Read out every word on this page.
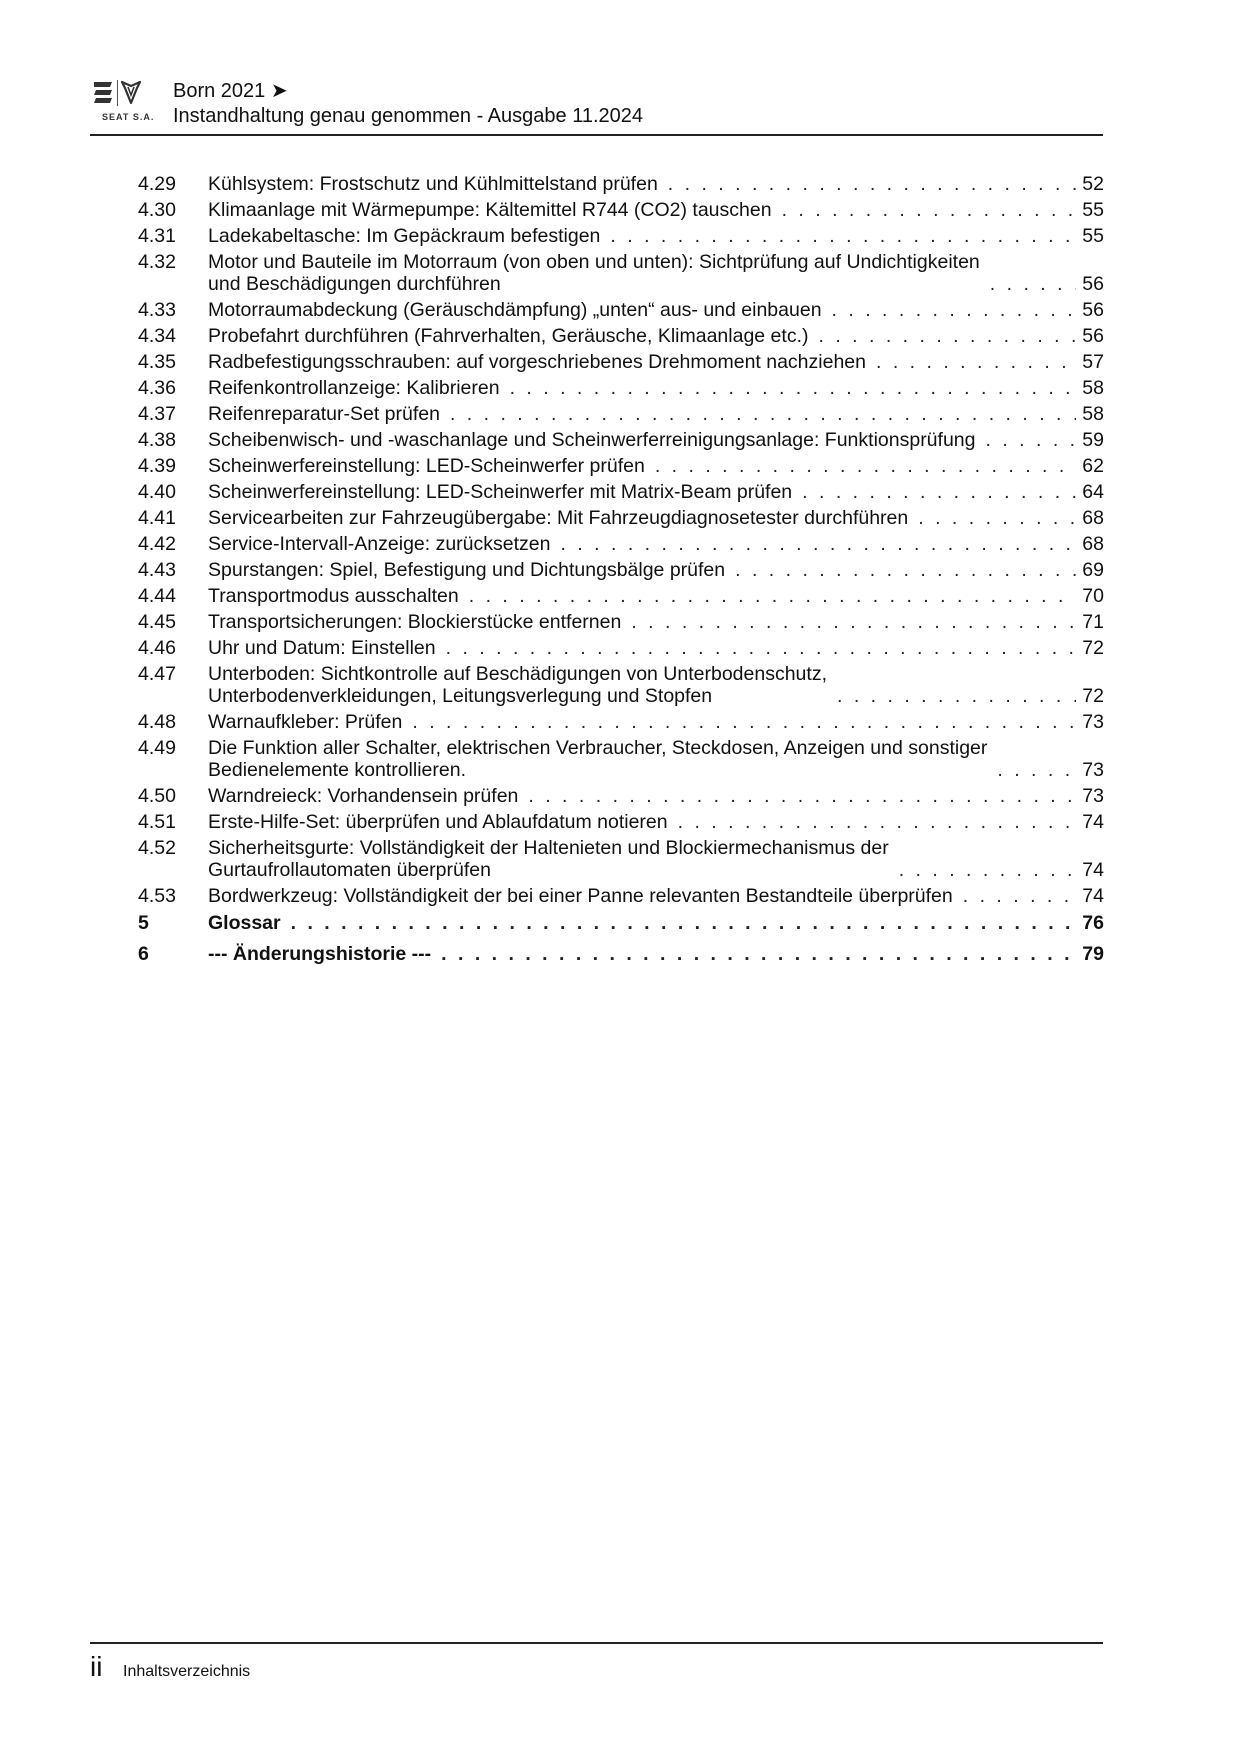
SEAT S.A.
Born 2021 ➤
Instandhaltung genau genommen - Ausgabe 11.2024
4.29	Kühlsystem: Frostschutz und Kühlmittelstand prüfen . . .	52
4.30	Klimaanlage mit Wärmepumpe: Kältemittel R744 (CO2) tauschen . . .	55
4.31	Ladekabeltasche: Im Gepäckraum befestigen . . .	55
4.32	Motor und Bauteile im Motorraum (von oben und unten): Sichtprüfung auf Undichtigkeiten
und Beschädigungen durchführen . . .	56
4.33	Motorraumabdeckung (Geräuschdämpfung) „unten“ aus- und einbauen . . .	56
4.34	Probefahrt durchführen (Fahrverhalten, Geräusche, Klimaanlage etc.) . . .	56
4.35	Radbefestigungsschrauben: auf vorgeschriebenes Drehmoment nachziehen . . .	57
4.36	Reifenkontrollanzeige: Kalibrieren . . .	58
4.37	Reifenreparatur-Set prüfen . . .	58
4.38	Scheibenwisch- und -waschanlage und Scheinwerferreinigungsanlage: Funktionsprüfung . . .	59
4.39	Scheinwerfereinstellung: LED-Scheinwerfer prüfen . . .	62
4.40	Scheinwerfereinstellung: LED-Scheinwerfer mit Matrix-Beam prüfen . . .	64
4.41	Servicearbeiten zur Fahrzeugübergabe: Mit Fahrzeugdiagnosetester durchführen . . .	68
4.42	Service-Intervall-Anzeige: zurücksetzen . . .	68
4.43	Spurstangen: Spiel, Befestigung und Dichtungsbälge prüfen . . .	69
4.44	Transportmodus ausschalten . . .	70
4.45	Transportsicherungen: Blockierstücke entfernen . . .	71
4.46	Uhr und Datum: Einstellen . . .	72
4.47	Unterboden: Sichtkontrolle auf Beschädigungen von Unterbodenschutz,
Unterbodenverkleidungen, Leitungsverlegung und Stopfen . . .	72
4.48	Warnaufkleber: Prüfen . . .	73
4.49	Die Funktion aller Schalter, elektrischen Verbraucher, Steckdosen, Anzeigen und sonstiger
Bedienelemente kontrollieren. . . .	73
4.50	Warndreieck: Vorhandensein prüfen . . .	73
4.51	Erste-Hilfe-Set: überprüfen und Ablaufdatum notieren . . .	74
4.52	Sicherheitsgurte: Vollständigkeit der Haltenieten und Blockiermechanismus der
Gurtaufrollautomaten überprüfen . . .	74
4.53	Bordwerkzeug: Vollständigkeit der bei einer Panne relevanten Bestandteile überprüfen . . .	74
5	Glossar . . .	76
6	--- Änderungshistorie --- . . .	79
ii Inhaltsverzeichnis
